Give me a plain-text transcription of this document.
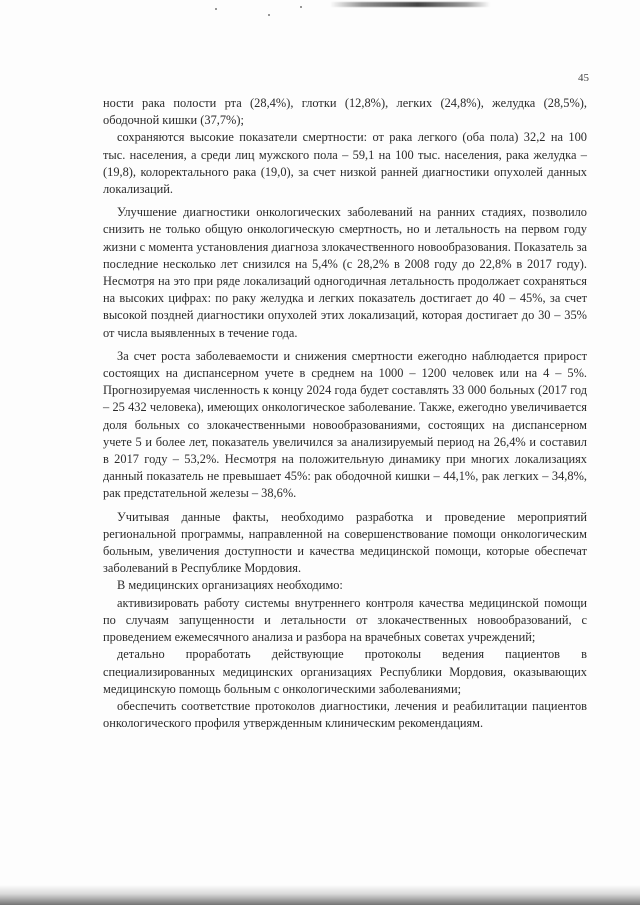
45

ности рака полости рта (28,4%), глотки (12,8%), легких (24,8%), желудка (28,5%), ободочной кишки (37,7%);

сохраняются высокие показатели смертности: от рака легкого (оба пола) 32,2 на 100 тыс. населения, а среди лиц мужского пола – 59,1 на 100 тыс. населения, рака желудка – (19,8), колоректального рака (19,0), за счет низкой ранней диагностики опухолей данных локализаций.

Улучшение диагностики онкологических заболеваний на ранних стадиях, позволило снизить не только общую онкологическую смертность, но и летальность на первом году жизни с момента установления диагноза злокачественного новообразования. Показатель за последние несколько лет снизился на 5,4% (с 28,2% в 2008 году до 22,8% в 2017 году). Несмотря на это при ряде локализаций одногодичная летальность продолжает сохраняться на высоких цифрах: по раку желудка и легких показатель достигает до 40 – 45%, за счет высокой поздней диагностики опухолей этих локализаций, которая достигает до 30 – 35% от числа выявленных в течение года.

За счет роста заболеваемости и снижения смертности ежегодно наблюдается прирост состоящих на диспансерном учете в среднем на 1000 – 1200 человек или на 4 – 5%. Прогнозируемая численность к концу 2024 года будет составлять 33 000 больных (2017 год – 25 432 человека), имеющих онкологическое заболевание. Также, ежегодно увеличивается доля больных со злокачественными новообразованиями, состоящих на диспансерном учете 5 и более лет, показатель увеличился за анализируемый период на 26,4% и составил в 2017 году – 53,2%. Несмотря на положительную динамику при многих локализациях данный показатель не превышает 45%: рак ободочной кишки – 44,1%, рак легких – 34,8%, рак предстательной железы – 38,6%.

Учитывая данные факты, необходимо разработка и проведение мероприятий региональной программы, направленной на совершенствование помощи онкологическим больным, увеличения доступности и качества медицинской помощи, которые обеспечат заболеваний в Республике Мордовия.

В медицинских организациях необходимо:

активизировать работу системы внутреннего контроля качества медицинской помощи по случаям запущенности и летальности от злокачественных новообразований, с проведением ежемесячного анализа и разбора на врачебных советах учреждений;

детально проработать действующие протоколы ведения пациентов в специализированных медицинских организациях Республики Мордовия, оказывающих медицинскую помощь больным с онкологическими заболеваниями;

обеспечить соответствие протоколов диагностики, лечения и реабилитации пациентов онкологического профиля утвержденным клиническим рекомендациям.
